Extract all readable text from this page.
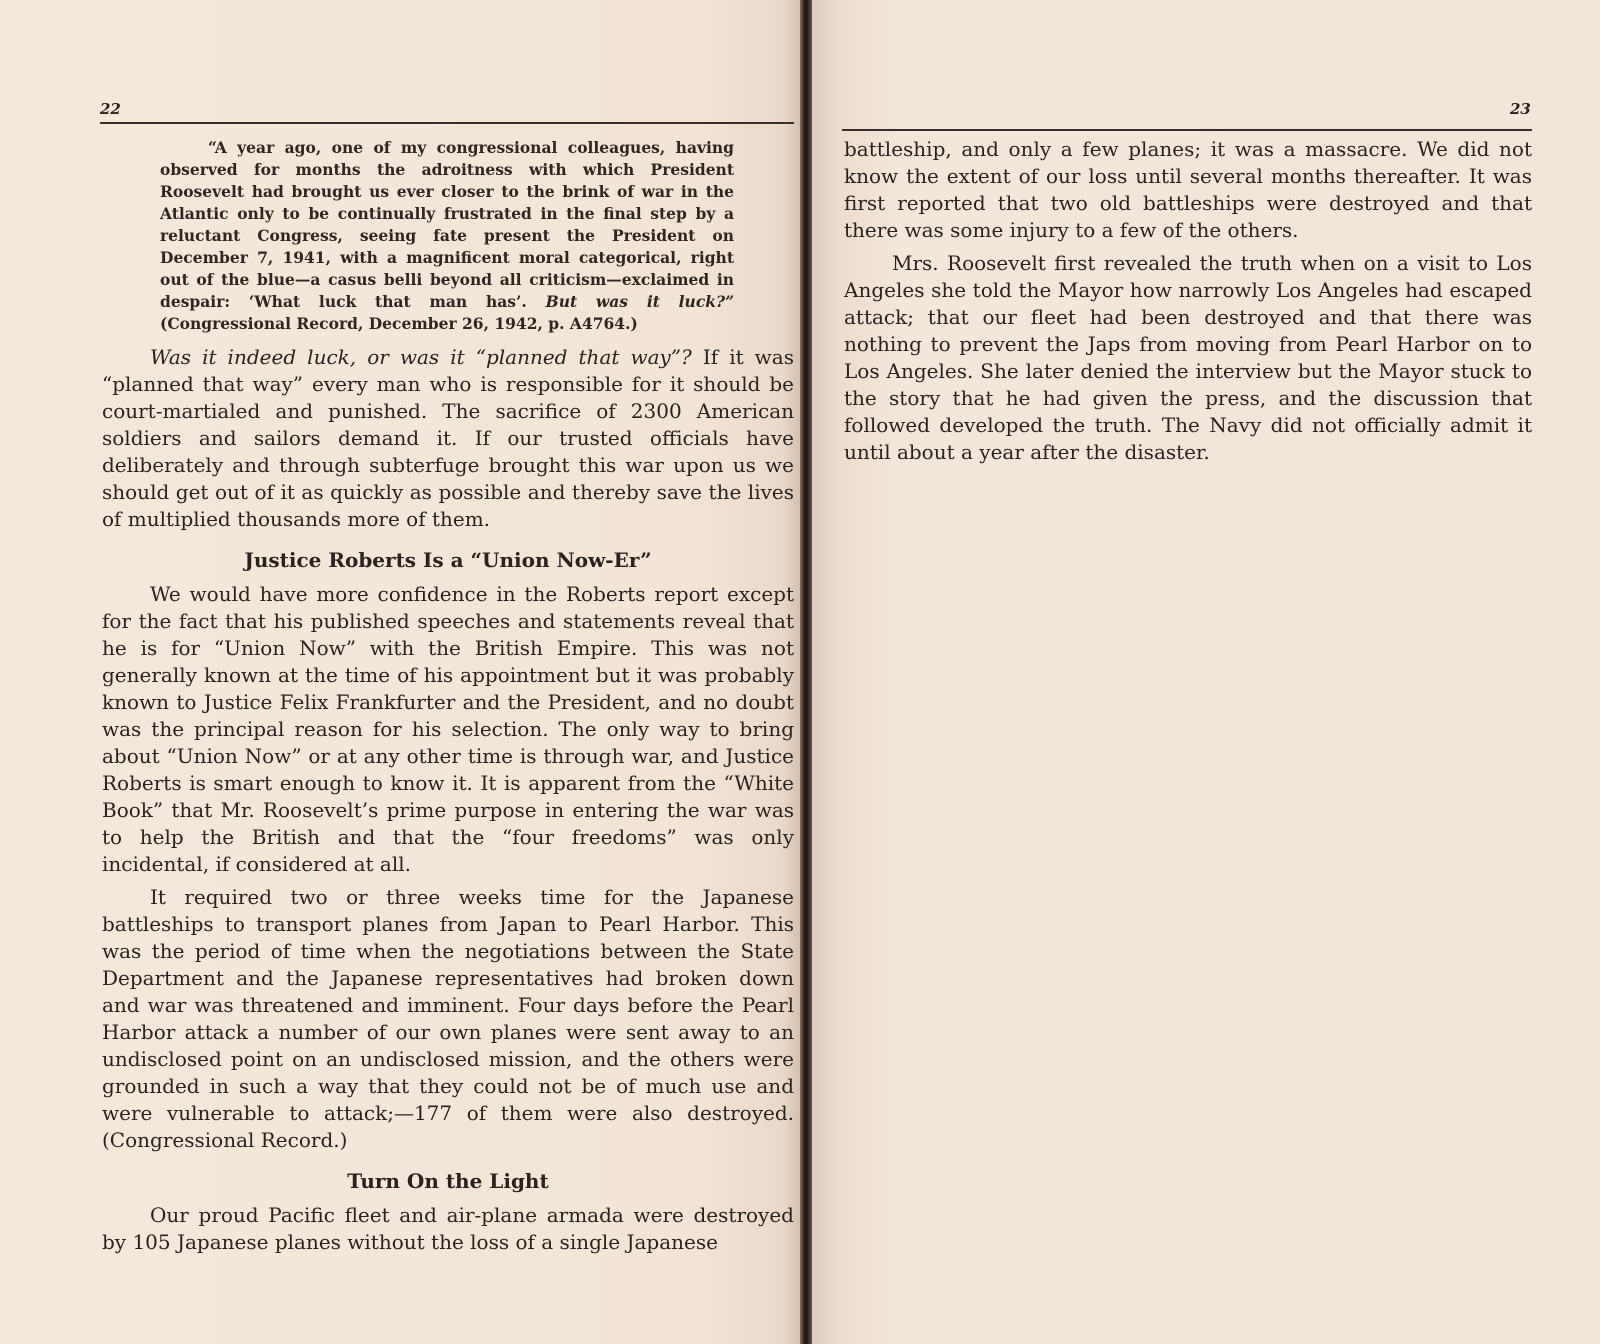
22

“A year ago, one of my congressional colleagues, having observed for months the adroitness with which President Roosevelt had brought us ever closer to the brink of war in the Atlantic only to be continually frustrated in the final step by a reluctant Congress, seeing fate present the President on December 7, 1941, with a magnificent moral categorical, right out of the blue—a casus belli beyond all criticism—exclaimed in despair: ‘What luck that man has’. But was it luck?” (Congressional Record, December 26, 1942, p. A4764.)

Was it indeed luck, or was it “planned that way”? If it was “planned that way” every man who is responsible for it should be court-martialed and punished. The sacrifice of 2300 American soldiers and sailors demand it. If our trusted officials have deliberately and through subterfuge brought this war upon us we should get out of it as quickly as possible and thereby save the lives of multiplied thousands more of them.

Justice Roberts Is a “Union Now-Er”

We would have more confidence in the Roberts report except for the fact that his published speeches and statements reveal that he is for “Union Now” with the British Empire. This was not generally known at the time of his appointment but it was probably known to Justice Felix Frankfurter and the President, and no doubt was the principal reason for his selection. The only way to bring about “Union Now” or at any other time is through war, and Justice Roberts is smart enough to know it. It is apparent from the “White Book” that Mr. Roosevelt’s prime purpose in entering the war was to help the British and that the “four freedoms” was only incidental, if considered at all.

It required two or three weeks time for the Japanese battleships to transport planes from Japan to Pearl Harbor. This was the period of time when the negotiations between the State Department and the Japanese representatives had broken down and war was threatened and imminent. Four days before the Pearl Harbor attack a number of our own planes were sent away to an undisclosed point on an undisclosed mission, and the others were grounded in such a way that they could not be of much use and were vulnerable to attack;—177 of them were also destroyed. (Congressional Record.)

Turn On the Light

Our proud Pacific fleet and air-plane armada were destroyed by 105 Japanese planes without the loss of a single Japanese

23

battleship, and only a few planes; it was a massacre. We did not know the extent of our loss until several months thereafter. It was first reported that two old battleships were destroyed and that there was some injury to a few of the others.

Mrs. Roosevelt first revealed the truth when on a visit to Los Angeles she told the Mayor how narrowly Los Angeles had escaped attack; that our fleet had been destroyed and that there was nothing to prevent the Japs from moving from Pearl Harbor on to Los Angeles. She later denied the interview but the Mayor stuck to the story that he had given the press, and the discussion that followed developed the truth. The Navy did not officially admit it until about a year after the disaster.
